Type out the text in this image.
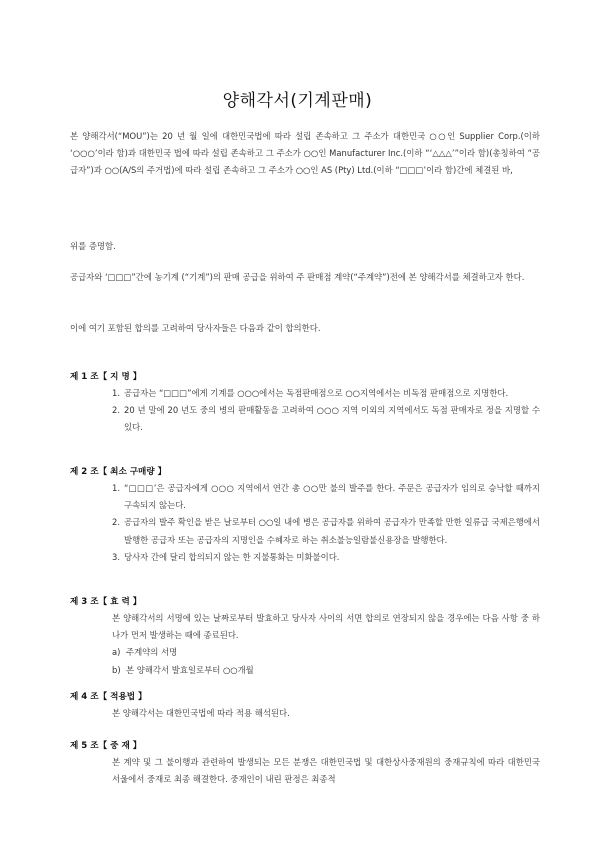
양해각서(기계판매)
본 양해각서(“MOU”)는 20 년 월 일에 대한민국법에 따라 설립 존속하고 그 주소가 대한민국 ○○인 Supplier Corp.(이하 ‘○○○’이라 함)과 대한민국 법에 따라 설립 존속하고 그 주소가 ○○인 Manufacturer Inc.(이하 “‘△△△’”이라 함)(총칭하여 “공급자”)과 ○○(A/S의 주거법)에 따라 설립 존속하고 그 주소가 ○○인 AS (Pty) Ltd.(이하 “□□□’이라 함)간에 체결된 바,
위를 증명함.
공급자와 ‘□□□”간에 농기계 (“기계”)의 판매 공급을 위하여 주 판매점 계약(“주계약”)전에 본 양해각서를 체결하고자 한다.
이에 여기 포함된 합의를 고려하여 당사자들은 다음과 같이 합의한다.
제 1 조【 지 명 】
1. 공급자는 “□□□”에게 기계를 ○○○에서는 독점판매점으로 ○○지역에서는 비독점 판매점으로 지명한다.
2. 20 년 말에 20 년도 중의 병의 판매활동을 고려하여 ○○○ 지역 이외의 지역에서도 독점 판매자로 정을 지명할 수 있다.
제 2 조【 최소 구매량 】
1. “□□□’은 공급자에게 ○○○ 지역에서 연간 총 ○○만 불의 발주를 한다. 주문은 공급자가 임의로 승낙할 때까지 구속되지 않는다.
2. 공급자의 발주 확인을 받은 날로부터 ○○일 내에 병은 공급자를 위하여 공급자가 만족할 만한 일류급 국제은행에서 발행한 공급자 또는 공급자의 지명인을 수혜자로 하는 취소불능일람불신용장을 발행한다.
3. 당사자 간에 달리 합의되지 않는 한 지불통화는 미화불이다.
제 3 조【 효 력 】
본 양해각서의 서명에 있는 날짜로부터 발효하고 당사자 사이의 서면 합의로 연장되지 않을 경우에는 다음 사항 중 하나가 먼저 발생하는 때에 종료된다.
a) 주계약의 서명
b) 본 양해각서 발효일로부터 ○○개월
제 4 조【 적용법 】
본 양해각서는 대한민국법에 따라 적용 해석된다.
제 5 조【 중 재 】
본 계약 및 그 불이행과 관련하여 발생되는 모든 분쟁은 대한민국법 및 대한상사중재원의 중재규칙에 따라 대한민국 서울에서 중재로 최종 해결한다. 중재인이 내린 판정은 최종적
